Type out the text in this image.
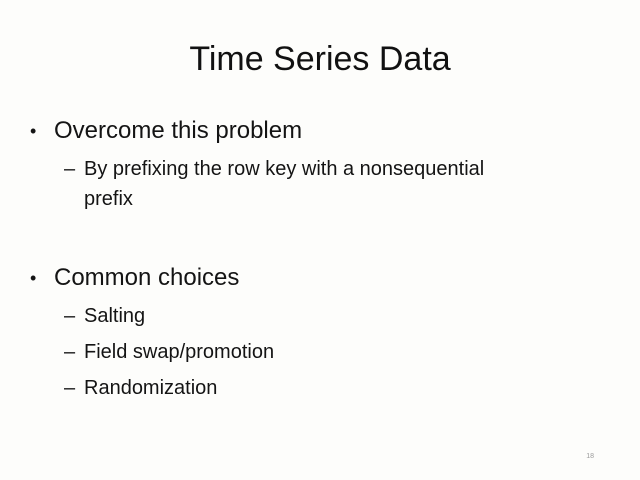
Time Series Data
• Overcome this problem
– By prefixing the row key with a nonsequential
prefix
• Common choices
– Salting
– Field swap/promotion
– Randomization
18
